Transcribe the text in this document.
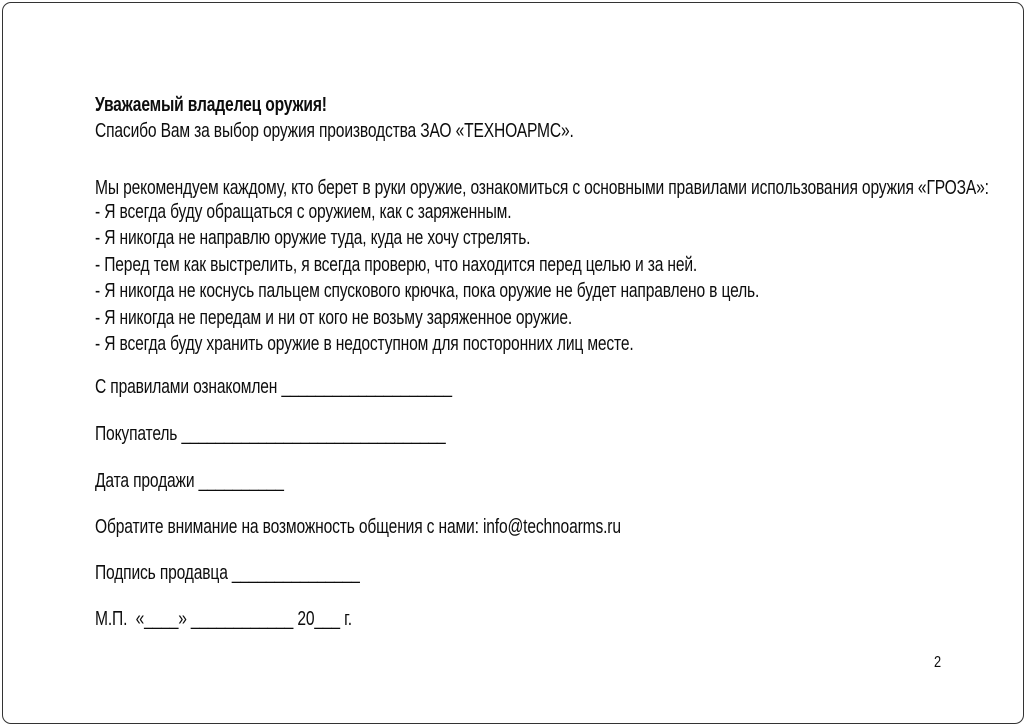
Уважаемый владелец оружия!

Спасибо Вам за выбор оружия производства ЗАО «ТЕХНОАРМС».

Мы рекомендуем каждому, кто берет в руки оружие, ознакомиться с основными правилами использования оружия «ГРОЗА»:

- Я всегда буду обращаться с оружием, как с заряженным.

- Я никогда не направлю оружие туда, куда не хочу стрелять.

- Перед тем как выстрелить, я всегда проверю, что находится перед целью и за ней.

- Я никогда не коснусь пальцем спускового крючка, пока оружие не будет направлено в цель.

- Я никогда не передам и ни от кого не возьму заряженное оружие.

- Я всегда буду хранить оружие в недоступном для посторонних лиц месте.

С правилами ознакомлен ____________________

Покупатель _______________________________

Дата продажи __________

Обратите внимание на возможность общения с нами: info@technoarms.ru

Подпись продавца _______________

М.П.  «____» ____________ 20___ г.

2
